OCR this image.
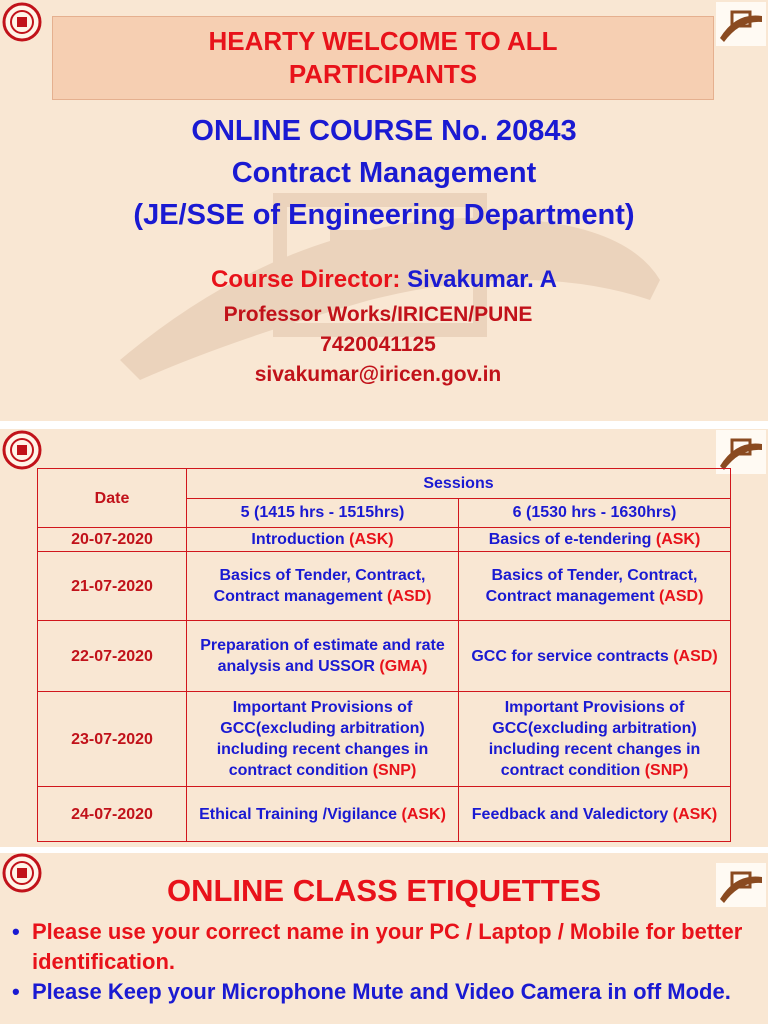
HEARTY WELCOME TO ALL PARTICIPANTS
ONLINE COURSE No. 20843
Contract Management
(JE/SSE of Engineering Department)
Course Director: Sivakumar. A
Professor Works/IRICEN/PUNE
7420041125
sivakumar@iricen.gov.in
Date	Sessions	
	5 (1415 hrs - 1515hrs)	6 (1530 hrs - 1630hrs)
20-07-2020	Introduction (ASK)	Basics of e-tendering (ASK)
21-07-2020	Basics of Tender, Contract, Contract management (ASD)	Basics of Tender, Contract, Contract management (ASD)
22-07-2020	Preparation of estimate and rate analysis and USSOR (GMA)	GCC for service contracts (ASD)
23-07-2020	Important Provisions of GCC(excluding arbitration) including recent changes in contract condition (SNP)	Important Provisions of GCC(excluding arbitration) including recent changes in contract condition (SNP)
24-07-2020	Ethical Training /Vigilance (ASK)	Feedback and Valedictory (ASK)
ONLINE CLASS ETIQUETTES
• Please use your correct name in your PC / Laptop / Mobile for better identification.
• Please Keep your Microphone Mute and Video Camera in off Mode.
